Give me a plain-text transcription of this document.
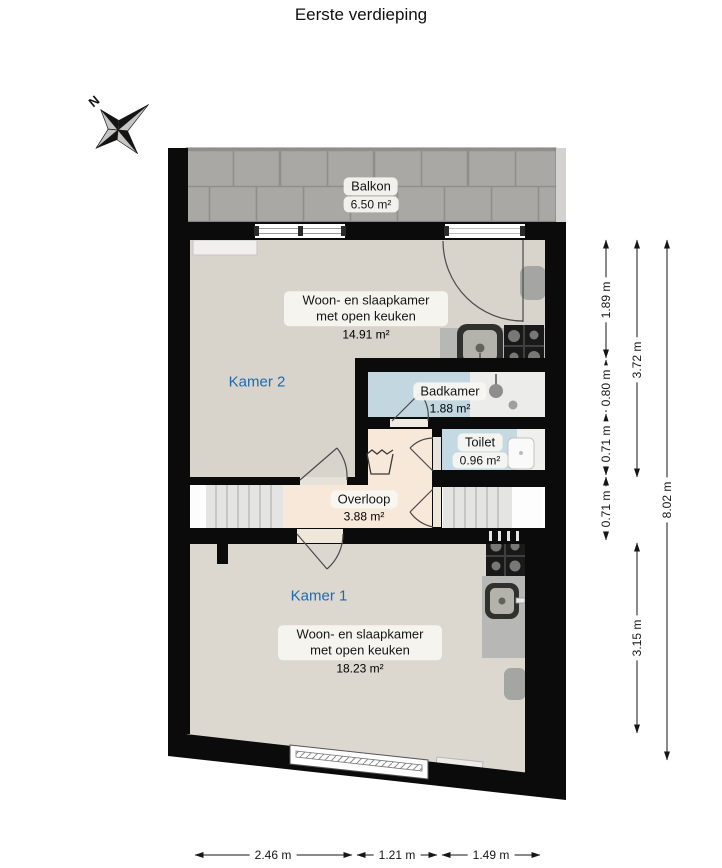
Eerste verdieping
N
Balkon
6.50 m²
Kamer 2
Woon- en slaapkamer met open keuken
14.91 m²
Badkamer
1.88 m²
Toilet
0.96 m²
Overloop
3.88 m²
Kamer 1
Woon- en slaapkamer met open keuken
18.23 m²
1.89 m
0.80 m
0.71 m
0.71 m
3.72 m
3.15 m
8.02 m
2.46 m	1.21 m	1.49 m
